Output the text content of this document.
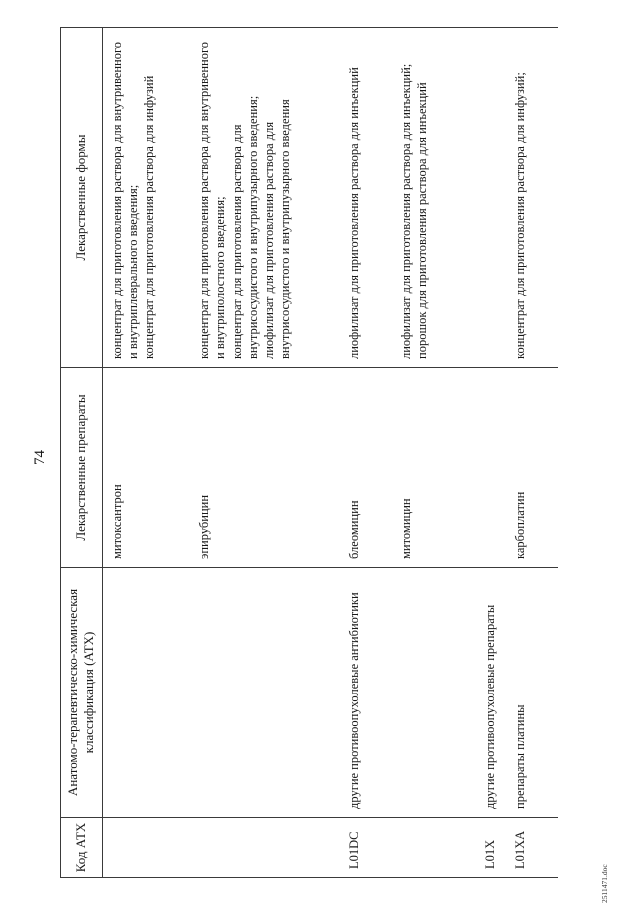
74
Код АТХ	Анатомо-терапевтическо-химическая классификация (АТХ)	Лекарственные препараты	Лекарственные формы
		митоксантрон	концентрат для приготовления раствора для внутривенного и внутриплеврального введения; концентрат для приготовления раствора для инфузий

		эпирубицин	концентрат для приготовления раствора для внутривенного и внутриполостного введения; концентрат для приготовления раствора для внутрисосудистого и внутрипузырного введения; лиофилизат для приготовления раствора для внутрисосудистого и внутрипузырного введения

L01DC	другие противоопухолевые антибиотики	блеомицин	лиофилизат для приготовления раствора для инъекций

		митомицин	лиофилизат для приготовления раствора для инъекций; порошок для приготовления раствора для инъекций

L01X	другие противоопухолевые препараты		
L01XA	препараты платины	карбоплатин	концентрат для приготовления раствора для инфузий;
2511471.doc
